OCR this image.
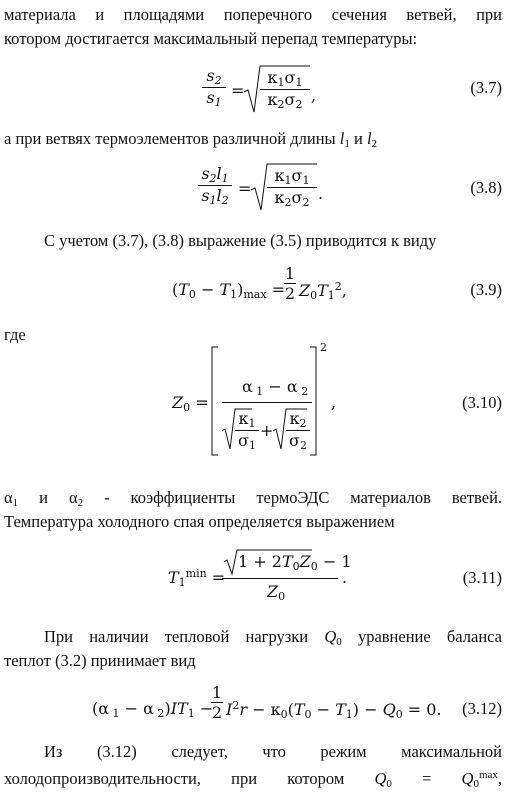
материала и площадями поперечного сечения ветвей, при
котором достигается максимальный перепад температуры:
$s_2$
$s_1$
=
$\kappa_1\sigma_1$
$\kappa_2\sigma_2$ ,	(3.7)
а при ветвях термоэлементов различной длины $l_1$ и $l_2$
$s_2l_1$
$s_1l_2$
=
$\kappa_1\sigma_1$
$\kappa_2\sigma_2$ .	(3.8)
С учетом (3.7), (3.8) выражение (3.5) приводится к виду
$(T_0 - T_1)_{max}$ =
1
2 $Z_0T_1^2$,	(3.9)
где
$Z_0$ =
2
α $_1$ − α $_2$
$\kappa_1$
$\sigma_1$
+
$\kappa_2$
$\sigma_2$
,	(3.10)
$\alpha_1$ и $\alpha_2$ - коэффициенты термоЭДС материалов ветвей.
Температура холодного спая определяется выражением
$T_1^{min}$ =
$1 + 2T_0Z_0 - 1$
$Z_0$
.	(3.11)
При наличии тепловой нагрузки $Q_0$ уравнение баланса
теплот (3.2) принимает вид
(α $_1$ − α $_2)IT_1$ −
1
2 $I^2r - \kappa_0(T_0 - T_1) - Q_0 = 0$. (3.12)
Из (3.12) следует, что режим максимальной
холодопроизводительности, при котором $Q_0 = Q_0^{max}$,
